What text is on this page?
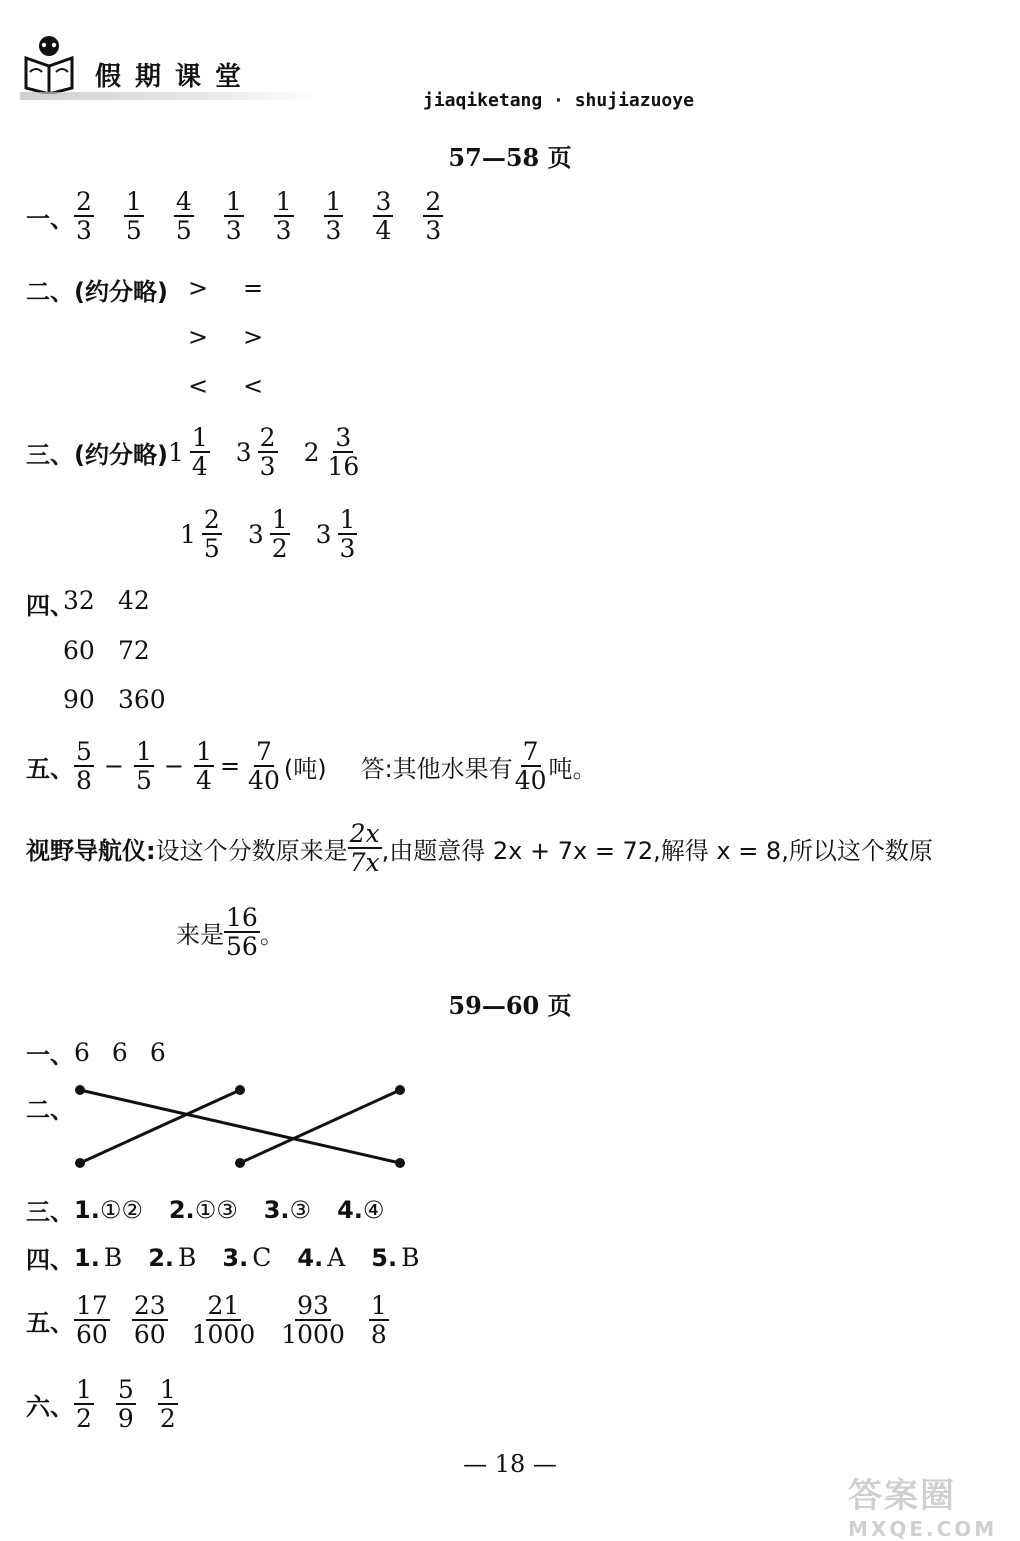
假期课堂
jiaqiketang · shujiazuoye
57—58 页
一、 $\frac{2}{3} \frac{1}{5} \frac{4}{5} \frac{1}{3} \frac{1}{3} \frac{1}{3} \frac{3}{4} \frac{2}{3}$
二、(约分略) > =
> >
< <
三、(约分略) $1 \frac{1}{4} 3 \frac{2}{3} 2 \frac{3}{16}$
$1 \frac{2}{5} 3 \frac{1}{2} 3 \frac{1}{3}$
四、
32 42
60 72
90 360
五、 $\frac{5}{8} - \frac{1}{5} - \frac{1}{4} = \frac{7}{40}$ (吨) 答:其他水果有 $\frac{7}{40}$ 吨。
视野导航仪: 设这个分数原来是 $\frac{2x}{7x}$ ,由题意得 2x + 7x = 72,解得 x = 8,所以这个数原
来是 $\frac{16}{56}$ 。
59—60 页
一、 6 6 6
二、
三、 1. ①② 2. ①③ 3. ③ 4. ④
四、 1. B 2. B 3. C 4. A 5. B
五、 $\frac{17}{60} \frac{23}{60} \frac{21}{1000} \frac{93}{1000} \frac{1}{8}$
六、 $\frac{1}{2} \frac{5}{9} \frac{1}{2}$
— 18 —
答案圈
MXQE.COM
